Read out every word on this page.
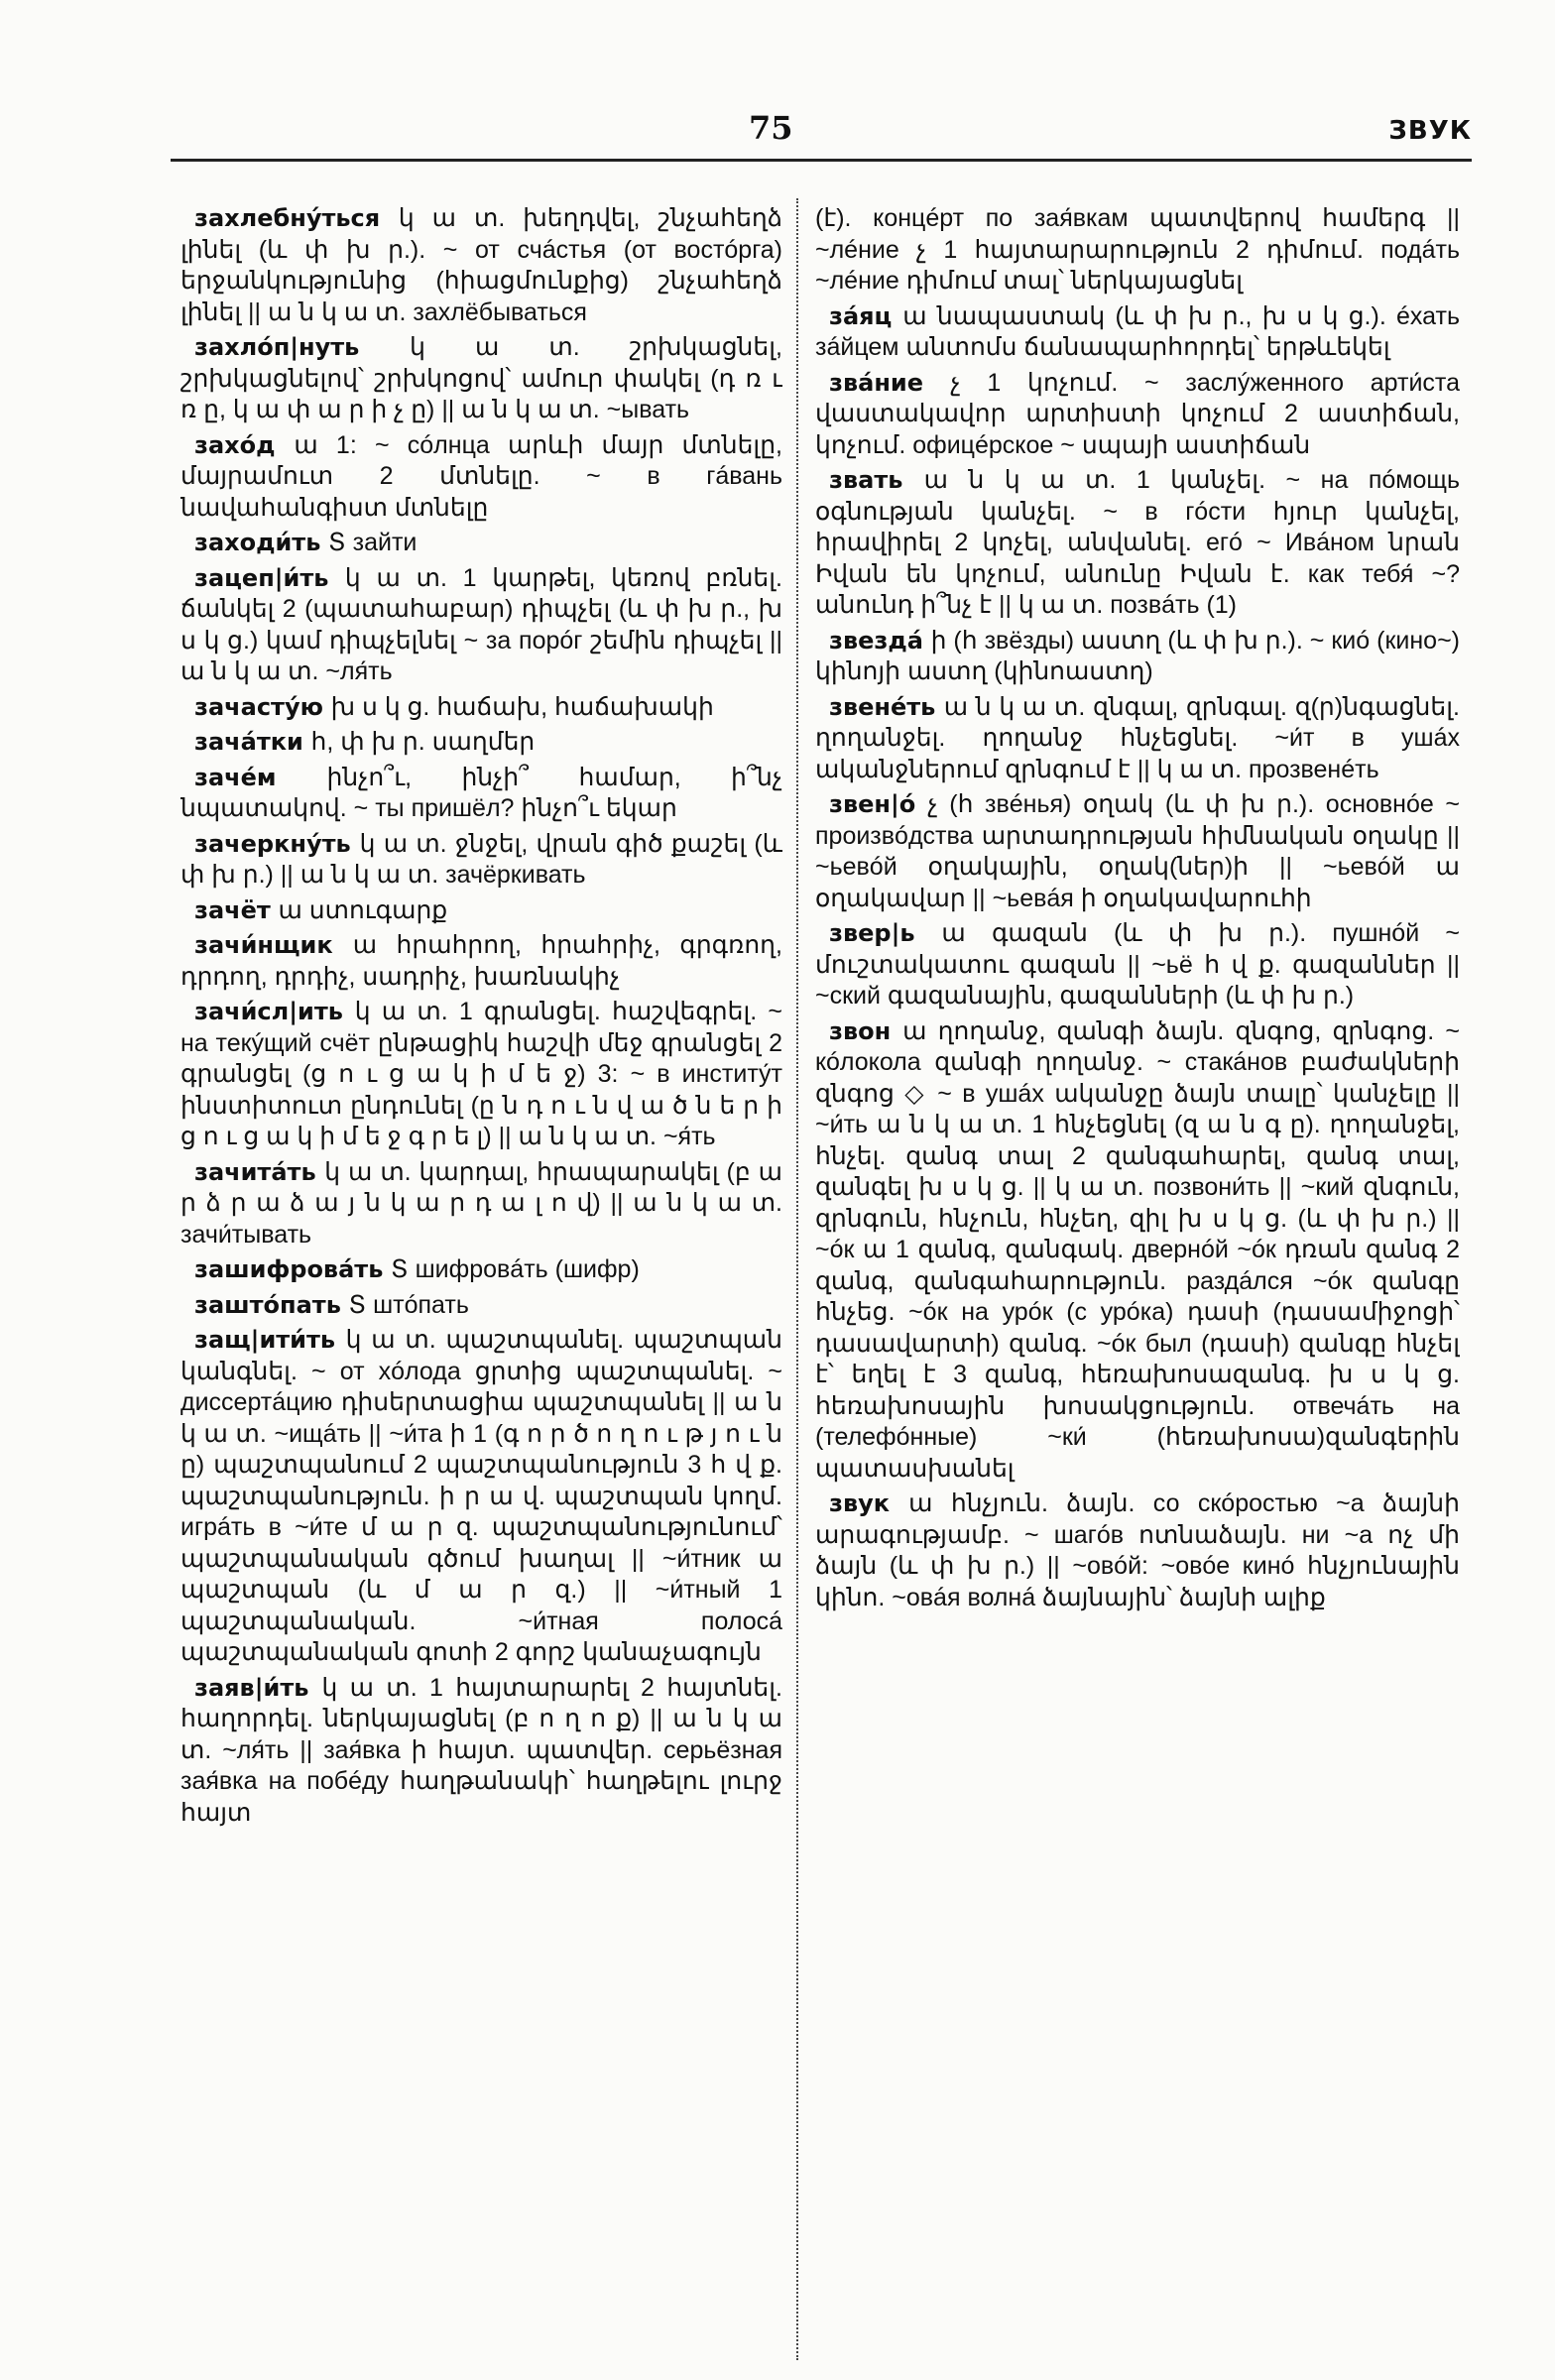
75	ЗВУК

захлебнýться կ ա տ. խեղդվել, շնչահեղձ լինել (և փ խ ր.). ~ от счáстья (от востóрга) երջանկությունից (հիացմունքից) շնչահեղձ լինել || ա ն կ ա տ. захлёбываться

захлóп|нуть կ ա տ. շրխկացնել, շրխկացնելով՝ շրխկոցով՝ ամուր փակել (դ ռ ւ ռ ը, կ ա փ ա ր ի չ ը) || ա ն կ ա տ. ~ывать

захóд ա 1: ~ сóлнца արևի մայր մտնելը, մայրամուտ 2 մտնելը. ~ в гáвань նավահանգիստ մտնելը

заходи́ть Տ зайти

зацеп|и́ть կ ա տ. 1 կարթել, կեռով բռնել. ճանկել 2 (պատահաբար) դիպչել (և փ խ ր., խ ս կ ց.) կամ դիպչելնել ~ за порóг շեմին դիպչել || ա ն կ ա տ. ~ля́ть

зачастýю խ ս կ ց. հաճախ, հաճախակի

зачáтки հ, փ խ ր. սաղմեր

зачéм ինչո՞ւ, ինչի՞ համար, ի՞նչ նպատակով. ~ ты пришёл? ինչո՞ւ եկար

зачеркнýть կ ա տ. ջնջել, վրան գիծ քաշել (և փ խ ր.) || ա ն կ ա տ. зачёркивать

зачёт ա ստուգարք

зачи́нщик ա հրահրող, հրահրիչ, գրգռող, դրդող, դրդիչ, սադրիչ, խառնակիչ

зачи́сл|ить կ ա տ. 1 գրանցել. հաշվեգրել. ~ на текýщий счёт ընթացիկ հաշվի մեջ գրանցել 2 գրանցել (ց ո ւ ց ա կ ի մ ե ջ) 3: ~ в институ́т ինստիտուտ ընդունել (ը ն դ ո ւ ն վ ա ծ ն ե ր ի ց ո ւ ց ա կ ի մ ե ջ գ ր ե լ) || ա ն կ ա տ. ~я́ть

зачитáть կ ա տ. կարդալ, հրապարակել (բ ա ր ձ ր ա ձ ա յ ն կ ա ր դ ա լ ո վ) || ա ն կ ա տ. зачи́тывать

зашифровáть Տ шифровáть (шифр)

заштóпать Տ штóпать

защ|ити́ть կ ա տ. պաշտպանել. պաշտպան կանգնել. ~ от хóлода ցրտից պաշտպանել. ~ диссертáцию դիսերտացիա պաշտպանել || ա ն կ ա տ. ~ищáть || ~и́та ի 1 (գ ո ր ծ ո ղ ո ւ թ յ ո ւ ն ը) պաշտպանում 2 պաշտպանություն 3 հ վ ք. պաշտպանություն. ի ր ա վ. պաշտպան կողմ. игрáть в ~и́те մ ա ր զ. պաշտպանությունում՝ պաշտպանական գծում խաղալ || ~и́тник ա պաշտպան (և մ ա ր զ.) || ~и́тный 1 պաշտպանական. ~и́тная полосá պաշտպանական գոտի 2 գորշ կանաչագույն

заяв|и́ть կ ա տ. 1 հայտարարել 2 հայտնել. հաղորդել. ներկայացնել (բ ո ղ ո ք) || ա ն կ ա տ. ~ля́ть || зая́вка ի հայտ. պատվեր. серьёзная зая́вка на побéду հաղթանակի՝ հաղթելու լուրջ հայտ

(է). концéрт по зая́вкам պատվերով համերգ || ~лéние չ 1 հայտարարություն 2 դիմում. подáть ~лéние դիմում տալ՝ ներկայացնել

зáяц ա նապաստակ (և փ խ ր., խ ս կ ց.). éхать зáйцем անտոմս ճանապարհորդել՝ երթևեկել

звáние չ 1 կոչում. ~ заслýженного арти́ста վաստակավոր արտիստի կոչում 2 աստիճան, կոչում. офицéрское ~ սպայի աստիճան

звать ա ն կ ա տ. 1 կանչել. ~ на пóмощь օգնության կանչել. ~ в гóсти հյուր կանչել, հրավիրել 2 կոչել, անվանել. егó ~ Ивáном նրան Իվան են կոչում, անունը Իվան է. как тебя́ ~? անունդ ի՞նչ է || կ ա տ. позвáть (1)

звездá ի (հ звёзды) աստղ (և փ խ ր.). ~ киó (кино~) կինոյի աստղ (կինոաստղ)

звенéть ա ն կ ա տ. զնգալ, զրնգալ. զ(ր)նգացնել. ղողանջել. ղողանջ հնչեցնել. ~и́т в ушáх ականջներում զրնգում է || կ ա տ. прозвенéть

звен|ó չ (հ звéнья) օղակ (և փ խ ր.). основнóе ~ произвóдства արտադրության հիմնական օղակը || ~ьевóй օղակային, օղակ(ներ)ի || ~ьевóй ա օղակավար || ~ьевáя ի օղակավարուհի

звер|ь ա գազան (և փ խ ր.). пушнóй ~ մուշտակատու գազան || ~ьё հ վ ք. գազաններ || ~ский գազանային, գազանների (և փ խ ր.)

звон ա ղողանջ, զանգի ձայն. զնգոց, զրնգոց. ~ кóлокола զանգի ղողանջ. ~ стакáнов բաժակների զնգոց ◇ ~ в ушáх ականջը ձայն տալը՝ կանչելը || ~и́ть ա ն կ ա տ. 1 հնչեցնել (զ ա ն գ ը). ղողանջել, հնչել. զանգ տալ 2 զանգահարել, զանգ տալ, զանգել խ ս կ ց. || կ ա տ. позвони́ть || ~кий զնգուն, զրնգուն, հնչուն, հնչեղ, զիլ խ ս կ ց. (և փ խ ր.) || ~óк ա 1 զանգ, զանգակ. двернóй ~óк դռան զանգ 2 զանգ, զանգահարություն. раздáлся ~óк զանգը հնչեց. ~óк на урóк (с урóка) դասի (դասամիջոցի՝ դասավարտի) զանգ. ~óк был (դասի) զանգը հնչել է՝ եղել է 3 զանգ, հեռախոսազանգ. խ ս կ ց. հեռախոսային խոսակցություն. отвечáть на (телефóнные) ~ки́ (հեռախոսա)զանգերին պատասխանել

звук ա հնչյուն. ձայն. со скóростью ~а ձայնի արագությամբ. ~ шагóв ոտնաձայն. ни ~а ոչ մի ձայն (և փ խ ր.) || ~овóй: ~овóе кинó հնչյունային կինո. ~овáя волнá ձայնային՝ ձայնի ալիք
